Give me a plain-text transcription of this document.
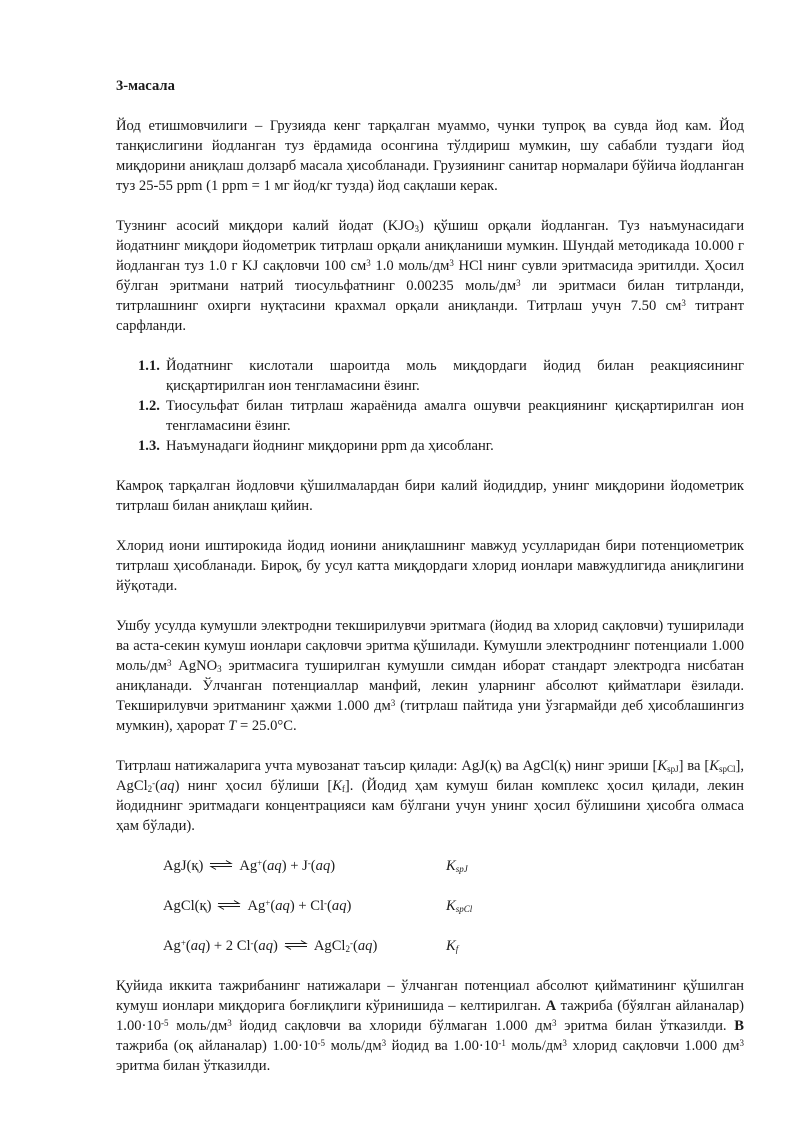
3-масала

Йод етишмовчилиги – Грузияда кенг тарқалган муаммо, чунки тупроқ ва сувда йод кам. Йод танқислигини йодланган туз ёрдамида осонгина тўлдириш мумкин, шу сабабли туздаги йод миқдорини аниқлаш долзарб масала ҳисобланади. Грузиянинг санитар нормалари бўйича йодланган туз 25-55 ppm (1 ppm = 1 мг йод/кг тузда) йод сақлаши керак.

Тузнинг асосий миқдори калий йодат $(KJO_3)$ қўшиш орқали йодланган. Туз наъмунасидаги йодатнинг миқдори йодометрик титрлаш орқали аниқланиши мумкин. Шундай методикада 10.000 г йодланган туз 1.0 г KJ сақловчи 100 $см^3$ 1.0 моль/$дм^3$ HCl нинг сувли эритмасида эритилди. Ҳосил бўлган эритмани натрий тиосульфатнинг 0.00235 моль/$дм^3$ ли эритмаси билан титрланди, титрлашнинг охирги нуқтасини крахмал орқали аниқланди. Титрлаш учун 7.50 $см^3$ титрант сарфланди.

1.1. Йодатнинг кислотали шароитда моль миқдордаги йодид билан реакциясининг қисқартирилган ион тенгламасини ёзинг.
1.2. Тиосульфат билан титрлаш жараёнида амалга ошувчи реакциянинг қисқартирилган ион тенгламасини ёзинг.
1.3. Наъмунадаги йоднинг миқдорини ppm да ҳисобланг.

Камроқ тарқалган йодловчи қўшилмалардан бири калий йодиддир, унинг миқдорини йодометрик титрлаш билан аниқлаш қийин.

Хлорид иони иштирокида йодид ионини аниқлашнинг мавжуд усулларидан бири потенциометрик титрлаш ҳисобланади. Бироқ, бу усул катта миқдордаги хлорид ионлари мавжудлигида аниқлигини йўқотади.

Ушбу усулда кумушли электродни текширилувчи эритмага (йодид ва хлорид сақловчи) туширилади ва аста-секин кумуш ионлари сақловчи эритма қўшилади. Кумушли электроднинг потенциали 1.000 моль/$дм^3$ AgNO$_3$ эритмасига туширилган кумушли симдан иборат стандарт электродга нисбатан аниқланади. Ўлчанган потенциаллар манфий, лекин уларнинг абсолют қийматлари ёзилади. Текширилувчи эритманинг ҳажми 1.000 $дм^3$ (титрлаш пайтида уни ўзгармайди деб ҳисоблашингиз мумкин), ҳарорат T = 25.0°C.

Титрлаш натижаларига учта мувозанат таъсир қилади: AgJ(қ) ва AgCl(қ) нинг эриши $[K_{spJ}]$ ва $[K_{spCl}]$, AgCl$_2$-(aq) нинг ҳосил бўлиши $[K_f]$. (Йодид ҳам кумуш билан комплекс ҳосил қилади, лекин йодиднинг эритмадаги концентрацияси кам бўлгани учун унинг ҳосил бўлишини ҳисобга олмаса ҳам бўлади).

AgJ(қ) ⇌ Ag+(aq) + J-(aq)	$K_{spJ}$
AgCl(қ) ⇌ Ag+(aq) + Cl-(aq)	$K_{spCl}$
Ag+(aq) + 2 Cl-(aq) ⇌ AgCl$_2$-(aq)	$K_f$

Қуйида иккита тажрибанинг натижалари – ўлчанган потенциал абсолют қийматининг қўшилган кумуш ионлари миқдорига боғлиқлиги кўринишида – келтирилган. A тажриба (бўялган айланалар) $1.00\cdot 10^{-5}$ моль/$дм^3$ йодид сақловчи ва хлориди бўлмаган 1.000 $дм^3$ эритма билан ўтказилди. B тажриба (оқ айланалар) $1.00\cdot 10^{-5}$ моль/$дм^3$ йодид ва $1.00\cdot 10^{-1}$ моль/$дм^3$ хлорид сақловчи 1.000 $дм^3$ эритма билан ўтказилди.
